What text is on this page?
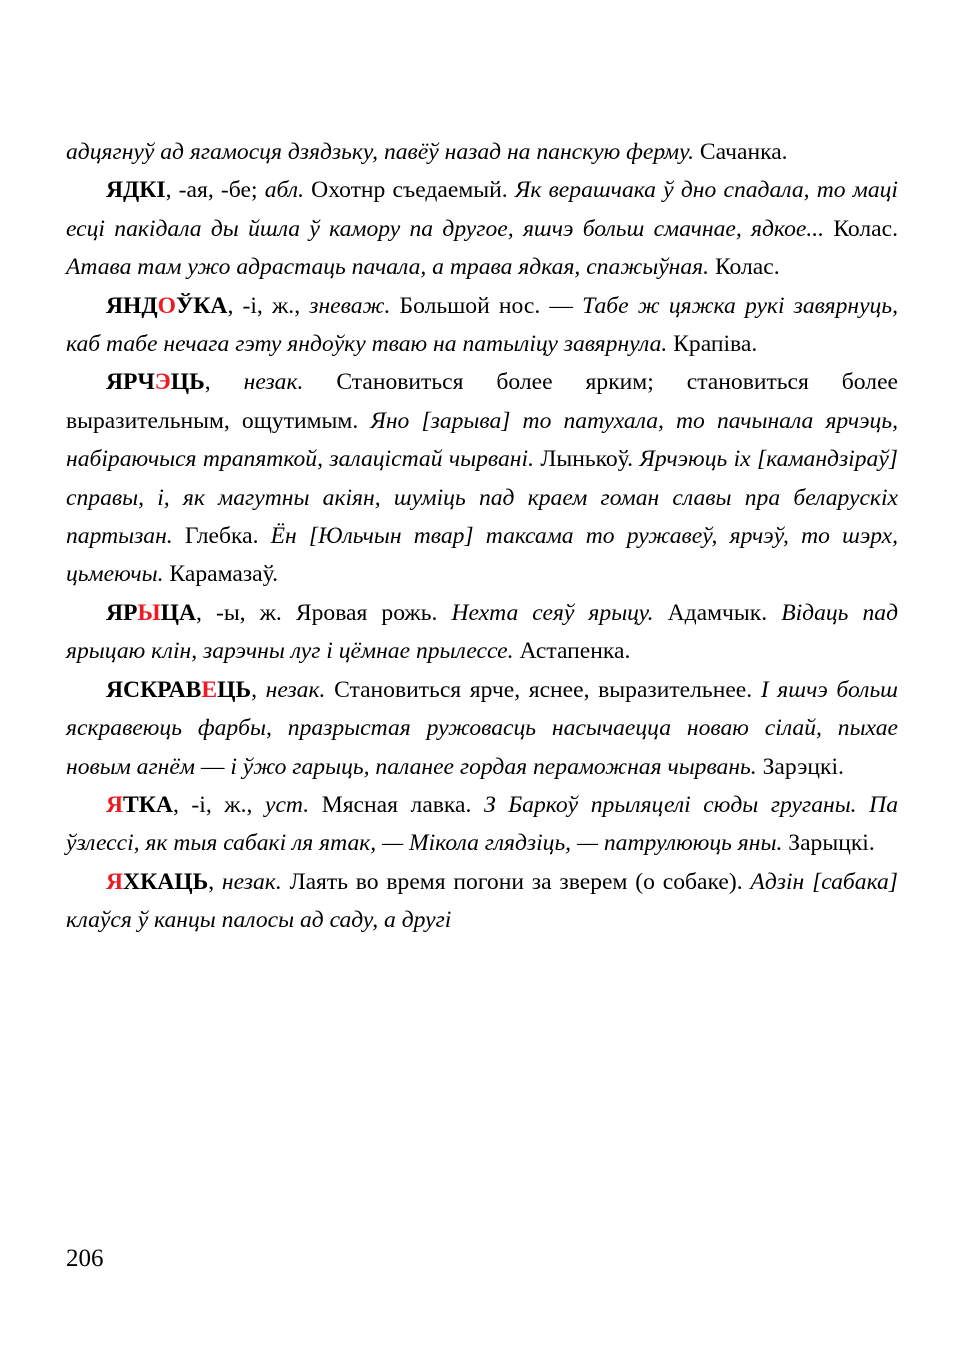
адцягнуў ад ягамосця дзядзьку, павёў назад на панскую ферму. Сачанка.

ЯДКІ, -ая, -бе; абл. Охотнр съедаемый. Як верашчака ў дно спадала, то маці есці пакідала ды йшла ў камору па другое, яшчэ больш смачнае, ядкое... Колас. Атава там ужо адрастаць пачала, а трава ядкая, спажыўная. Колас.

ЯНДОЎКА, -і, ж., зневаж. Большой нос. — Табе ж цяжка рукі завярнуць, каб табе нечага гэту яндоўку тваю на патыліцу завярнула. Крапіва.

ЯРЧЭЦЬ, незак. Становиться более ярким; становиться более выразительным, ощутимым. Яно [зарыва] то патухала, то пачынала ярчэць, набіраючыся трапяткой, залацістай чырвані. Лынькоў. Ярчэюць іх [камандзіраў] справы, і, як магутны акіян, шуміць пад краем гоман славы пра беларускіх партызан. Глебка. Ён [Юльчын твар] таксама то ружавеў, ярчэў, то шэрх, цьмеючы. Карамазаў.

ЯРЫЦА, -ы, ж. Яровая рожь. Нехта сеяў ярыцу. Адамчык. Відаць пад ярыцаю клін, зарэчны луг і цёмнае прылессе. Астапенка.

ЯСКРАВЕЦЬ, незак. Становиться ярче, яснее, выразительнее. І яшчэ больш яскравеюць фарбы, празрыстая ружовасць насычаецца новаю сілай, пыхае новым агнём — і ўжо гарыць, паланее гордая пераможная чырвань. Зарэцкі.

ЯТКА, -і, ж., уст. Мясная лавка. З Баркоў прыляцелі сюды груганы. Па ўзлессі, як тыя сабакі ля ятак, — Мікола глядзіць, — патрулююць яны. Зарыцкі.

ЯХКАЦЬ, незак. Лаять во время погони за зверем (о собаке). Адзін [сабака] клаўся ў канцы палосы ад саду, а другі

206
